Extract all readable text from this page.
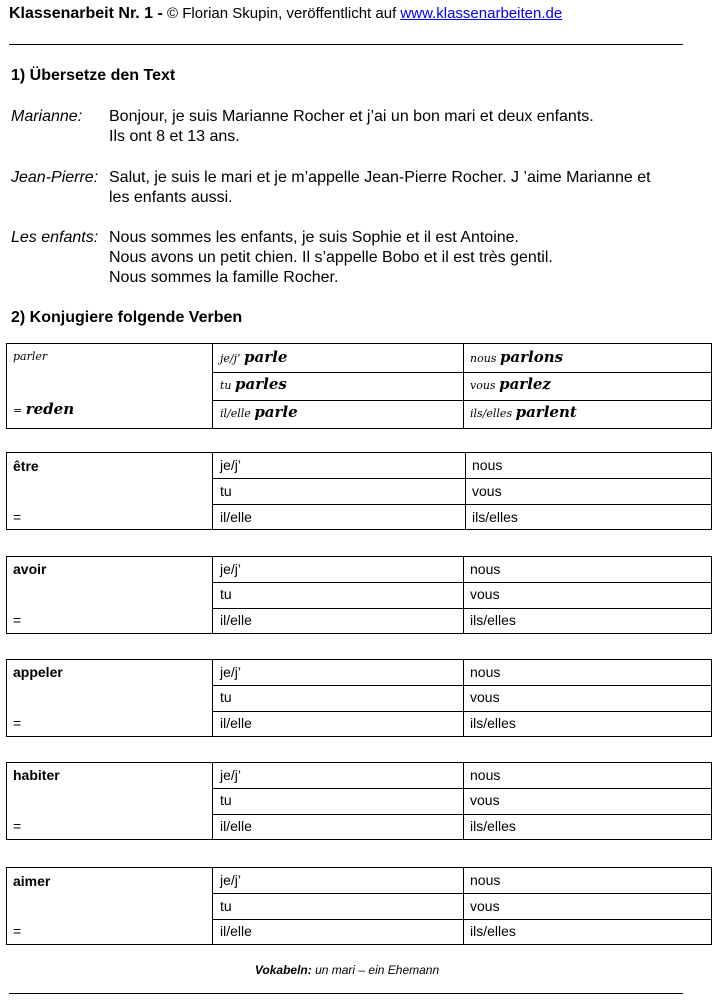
Klassenarbeit Nr. 1 - © Florian Skupin, veröffentlicht auf www.klassenarbeiten.de
1) Übersetze den Text
Marianne: Bonjour, je suis Marianne Rocher et j’ai un bon mari et deux enfants.
Ils ont 8 et 13 ans.
Jean-Pierre: Salut, je suis le mari et je m’appelle Jean-Pierre Rocher. J ’aime Marianne et
les enfants aussi.
Les enfants: Nous sommes les enfants, je suis Sophie et il est Antoine.
Nous avons un petit chien. Il s’appelle Bobo et il est très gentil.
Nous sommes la famille Rocher.
2) Konjugiere folgende Verben
parler
= reden
je/j’ parle
tu parles
il/elle parle
nous parlons
vous parlez
ils/elles parlent
être
=
je/j’
tu
il/elle
nous
vous
ils/elles
avoir
=
je/j’
tu
il/elle
nous
vous
ils/elles
appeler
=
je/j’
tu
il/elle
nous
vous
ils/elles
habiter
=
je/j’
tu
il/elle
nous
vous
ils/elles
aimer
=
je/j’
tu
il/elle
nous
vous
ils/elles
Vokabeln: un mari – ein Ehemann
